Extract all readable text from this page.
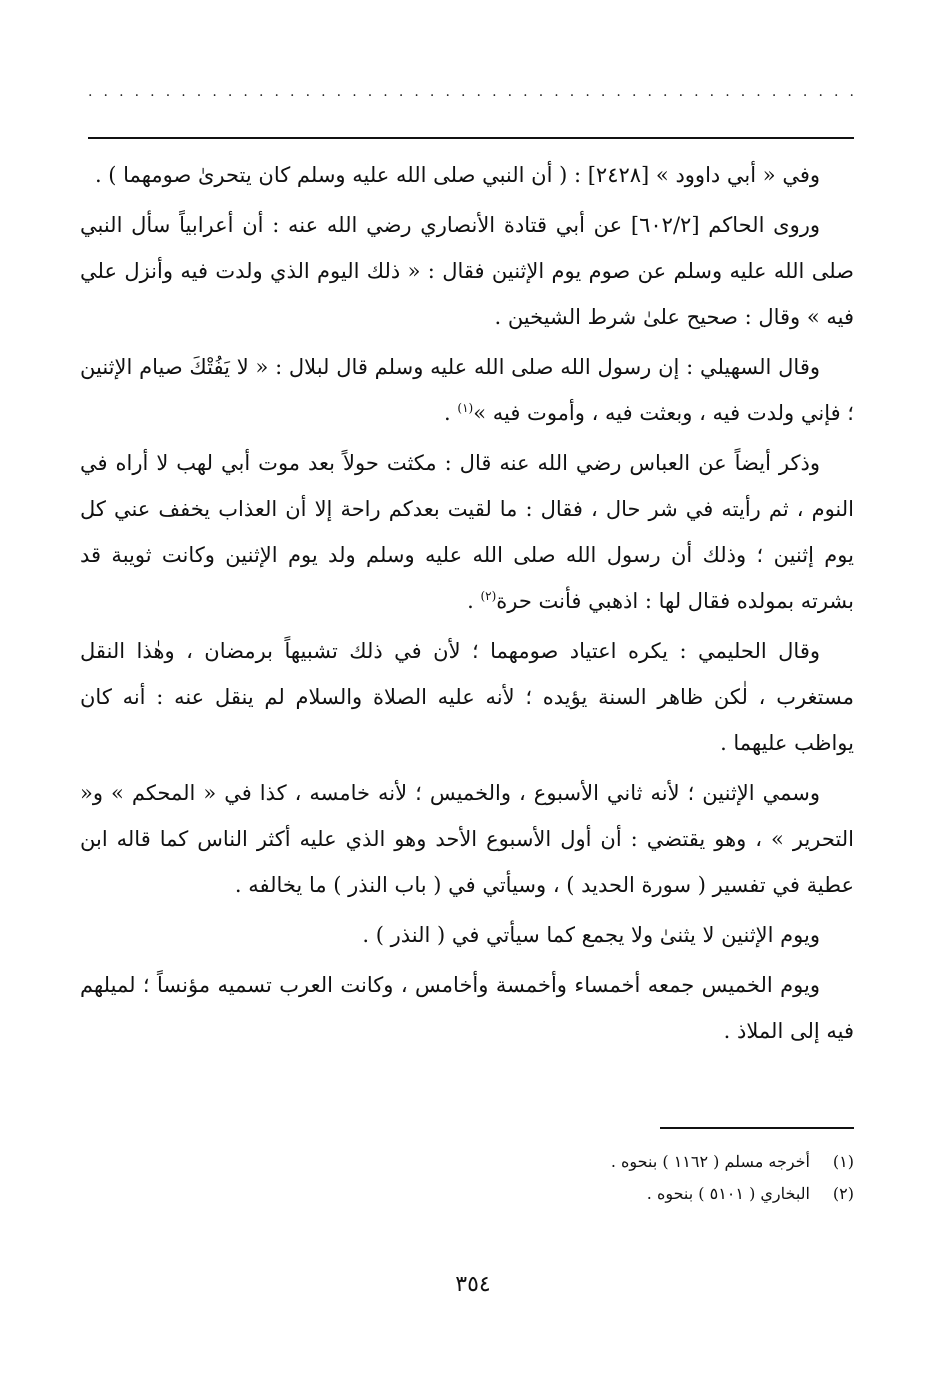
. . . . . . . . . . . . . . . . . . . . . . . . . . . . . . . . . . . . . . . . . . . . . . . . . .

وفي « أبي داوود » [٢٤٢٨] : ( أن النبي صلى الله عليه وسلم كان يتحرىٰ صومهما ) .

وروى الحاكم [٦٠٢/٢] عن أبي قتادة الأنصاري رضي الله عنه : أن أعرابياً سأل النبي صلى الله عليه وسلم عن صوم يوم الإثنين فقال : « ذلك اليوم الذي ولدت فيه وأنزل علي فيه » وقال : صحيح علىٰ شرط الشيخين .

وقال السهيلي : إن رسول الله صلى الله عليه وسلم قال لبلال : « لا يَفُتْكَ صيام الإثنين ؛ فإني ولدت فيه ، وبعثت فيه ، وأموت فيه »$^{(١)}$ .

وذكر أيضاً عن العباس رضي الله عنه قال : مكثت حولاً بعد موت أبي لهب لا أراه في النوم ، ثم رأيته في شر حال ، فقال : ما لقيت بعدكم راحة إلا أن العذاب يخفف عني كل يوم إثنين ؛ وذلك أن رسول الله صلى الله عليه وسلم ولد يوم الإثنين وكانت ثويبة قد بشرته بمولده فقال لها : اذهبي فأنت حرة$^{(٢)}$ .

وقال الحليمي : يكره اعتياد صومهما ؛ لأن في ذلك تشبيهاً برمضان ، وهٰذا النقل مستغرب ، لٰكن ظاهر السنة يؤيده ؛ لأنه عليه الصلاة والسلام لم ينقل عنه : أنه كان يواظب عليهما .

وسمي الإثنين ؛ لأنه ثاني الأسبوع ، والخميس ؛ لأنه خامسه ، كذا في « المحكم » و« التحرير » ، وهو يقتضي : أن أول الأسبوع الأحد وهو الذي عليه أكثر الناس كما قاله ابن عطية في تفسير ( سورة الحديد ) ، وسيأتي في ( باب النذر ) ما يخالفه .

ويوم الإثنين لا يثنىٰ ولا يجمع كما سيأتي في ( النذر ) .

ويوم الخميس جمعه أخمساء وأخمسة وأخامس ، وكانت العرب تسميه مؤنساً ؛ لميلهم فيه إلى الملاذ .

(١)
أخرجه مسلم ( ١١٦٢ ) بنحوه .
(٢)
البخاري ( ٥١٠١ ) بنحوه .
٣٥٤
